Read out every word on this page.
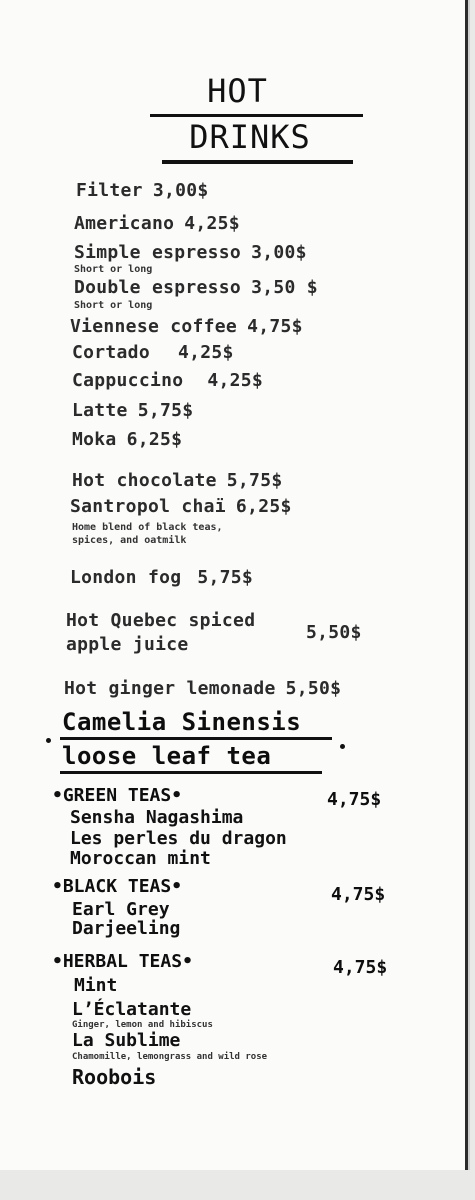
HOT
DRINKS
Filter 3,00$
Americano 4,25$
Simple espresso 3,00$
Short or long
Double espresso 3,50 $
Short or long
Viennese coffee 4,75$
Cortado 4,25$
Cappuccino 4,25$
Latte 5,75$
Moka 6,25$
Hot chocolate 5,75$
Santropol chaï 6,25$
Home blend of black teas,
spices, and oatmilk
London fog 5,75$
Hot Quebec spiced
apple juice
5,50$
Hot ginger lemonade 5,50$
Camelia Sinensis
loose leaf tea
•GREEN TEAS•	4,75$
Sensha Nagashima
Les perles du dragon
Moroccan mint
•BLACK TEAS•	4,75$
Earl Grey
Darjeeling
•HERBAL TEAS•	4,75$
Mint
L’Éclatante
Ginger, lemon and hibiscus
La Sublime
Chamomille, lemongrass and wild rose
Roobois
